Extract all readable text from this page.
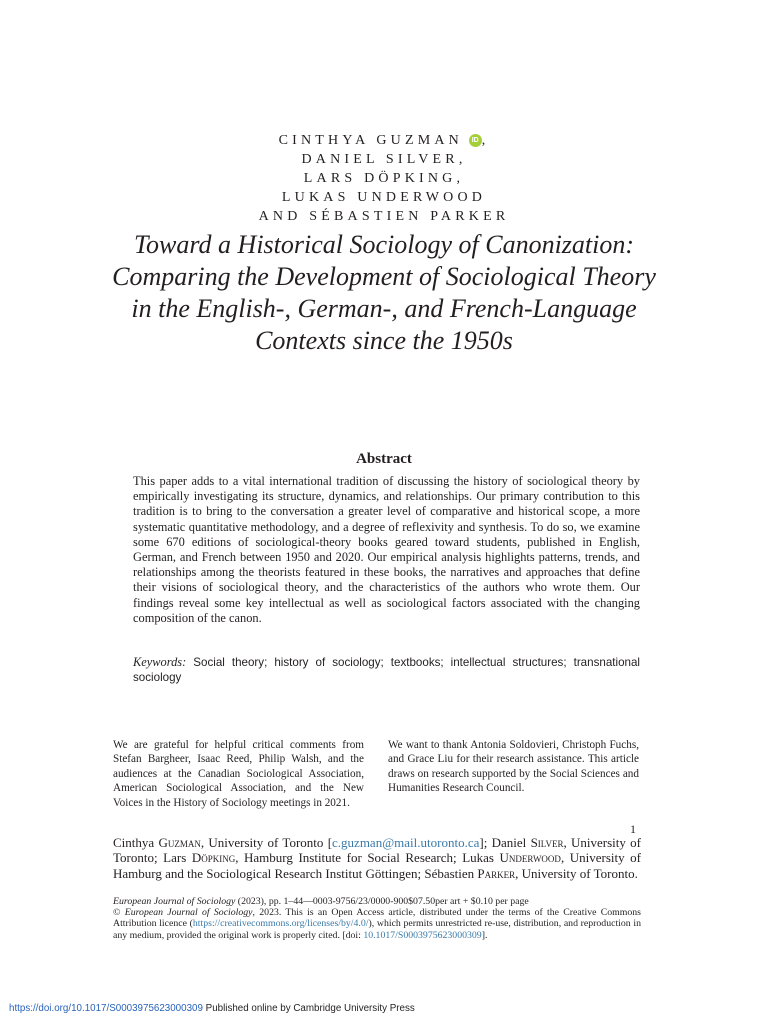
CINTHYA GUZMAN ID ,
DANIEL SILVER,
LARS DÖPKING,
LUKAS UNDERWOOD
AND SÉBASTIEN PARKER
Toward a Historical Sociology of Canonization:
Comparing the Development of Sociological Theory
in the English-, German-, and French-Language
Contexts since the 1950s
Abstract

This paper adds to a vital international tradition of discussing the history of sociological theory by empirically investigating its structure, dynamics, and relationships. Our primary contribution to this tradition is to bring to the conversation a greater level of comparative and historical scope, a more systematic quantitative methodology, and a degree of reflexivity and synthesis. To do so, we examine some 670 editions of sociological-theory books geared toward students, published in English, German, and French between 1950 and 2020. Our empirical analysis highlights patterns, trends, and relationships among the theorists featured in these books, the narratives and approaches that define their visions of sociological theory, and the characteristics of the authors who wrote them. Our findings reveal some key intellectual as well as sociological factors associated with the changing composition of the canon.

Keywords: Social theory; history of sociology; textbooks; intellectual structures; transnational sociology

We are grateful for helpful critical comments from Stefan Bargheer, Isaac Reed, Philip Walsh, and the audiences at the Canadian Sociological Association, American Sociological Association, and the New Voices in the History of Sociology meetings in 2021.

We want to thank Antonia Soldovieri, Christoph Fuchs, and Grace Liu for their research assistance. This article draws on research supported by the Social Sciences and Humanities Research Council.

1

Cinthya Guzman, University of Toronto [c.guzman@mail.utoronto.ca]; Daniel Silver, University of Toronto; Lars Döpking, Hamburg Institute for Social Research; Lukas Underwood, University of Hamburg and the Sociological Research Institut Göttingen; Sébastien Parker, University of Toronto.

European Journal of Sociology (2023), pp. 1–44—0003-9756/23/0000-900$07.50per art + $0.10 per page
© European Journal of Sociology, 2023. This is an Open Access article, distributed under the terms of the Creative Commons Attribution licence (https://creativecommons.org/licenses/by/4.0/), which permits unrestricted re-use, distribution, and reproduction in any medium, provided the original work is properly cited. [doi: 10.1017/S0003975623000309].

https://doi.org/10.1017/S0003975623000309 Published online by Cambridge University Press
